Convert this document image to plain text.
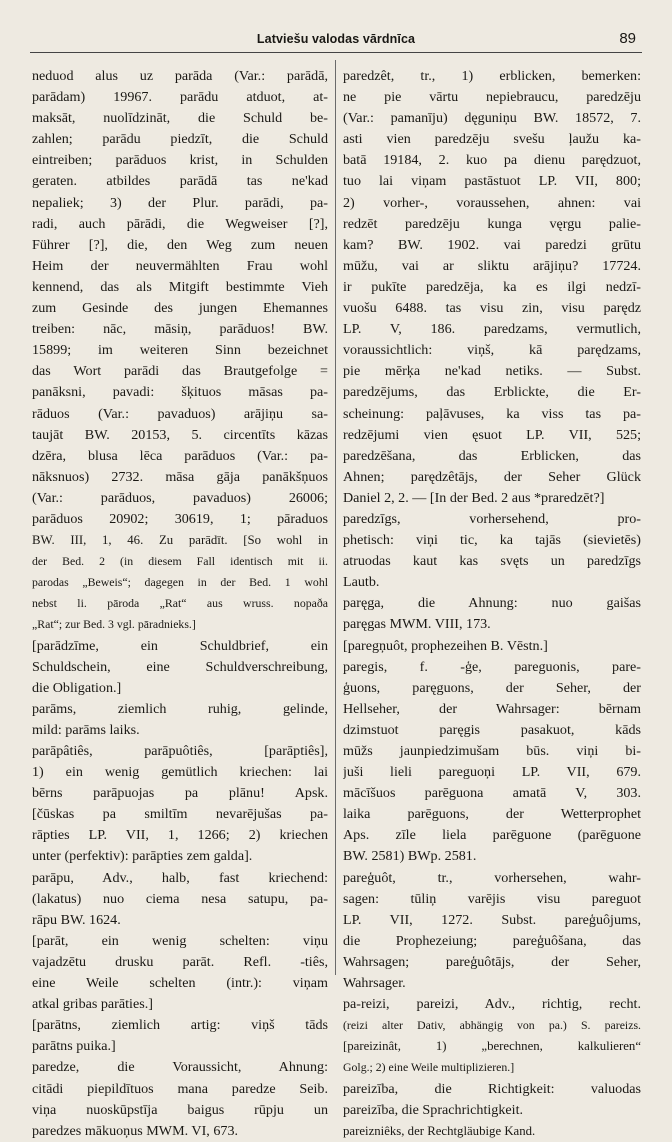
Latviešu valodas vārdnīca	89
neduod alus uz parāda (Var.: parādā,
parādam) 19967. parādu atduot, at-
maksāt, nuolīdzināt, die Schuld be-
zahlen; parādu piedzīt, die Schuld
eintreiben; parāduos krist, in Schulden
geraten. atbildes parādā tas ne'kad
nepaliek; 3) der Plur. parādi, pa-
radi, auch pārādi, die Wegweiser [?],
Führer [?], die, den Weg zum neuen
Heim der neuvermählten Frau wohl
kennend, das als Mitgift bestimmte Vieh
zum Gesinde des jungen Ehemannes
treiben: nāc, māsiņ, parāduos! BW.
15899; im weiteren Sinn bezeichnet
das Wort parādi das Brautgefolge =
panāksni, pavadi: šķituos māsas pa-
rāduos (Var.: pavaduos) arājiņu sa-
taujāt BW. 20153, 5. circentīts kāzas
dzēra, blusa lēca parāduos (Var.: pa-
nāksnuos) 2732. māsa gāja panākšņuos
(Var.: parāduos, pavaduos) 26006;
parāduos 20902; 30619, 1; pāraduos
BW. III, 1, 46. Zu parādīt. [So wohl in
der Bed. 2 (in diesem Fall identisch mit ii.
parodas „Beweis“; dagegen in der Bed. 1 wohl
nebst li. pāroda „Rat“ aus wruss. nopaða
„Rat“; zur Bed. 3 vgl. pāradnieks.]
[parādzīme, ein Schuldbrief, ein
Schuldschein, eine Schuldverschreibung,
die Obligation.]
parāms, ziemlich ruhig, gelinde,
mild: parāms laiks.
parāpâtiês, parāpuôtiês, [parāptiês],
1) ein wenig gemütlich kriechen: lai
bērns parāpuojas pa plānu! Apsk.
[čūskas pa smiltīm nevarējušas pa-
rāpties LP. VII, 1, 1266; 2) kriechen
unter (perfektiv): parāpties zem galda].
parāpu, Adv., halb, fast kriechend:
(lakatus) nuo ciema nesa satupu, pa-
rāpu BW. 1624.
[parāt, ein wenig schelten: viņu
vajadzētu drusku parāt. Refl. -tiês,
eine Weile schelten (intr.): viņam
atkal gribas parāties.]
[parātns, ziemlich artig: viņš tāds
parātns puika.]
paredze, die Voraussicht, Ahnung:
citādi piepildītuos mana paredze Seib.
viņa nuoskūpstīja baigus rūpju un
paredzes mākuoņus MWM. VI, 673.
paredzêt, tr., 1) erblicken, bemerken:
ne pie vārtu nepiebraucu, paredzēju
(Var.: pamanīju) dęguniņu BW. 18572, 7.
asti vien paredzēju svešu ļaužu ka-
batā 19184, 2. kuo pa dienu parędzuot,
tuo lai viņam pastāstuot LP. VII, 800;
2) vorher-, voraussehen, ahnen: vai
redzēt paredzēju kunga vęrgu palie-
kam? BW. 1902. vai paredzi grūtu
mūžu, vai ar sliktu arājiņu? 17724.
ir pukīte paredzēja, ka es ilgi nedzī-
vuošu 6488. tas visu zin, visu parędz
LP. V, 186. paredzams, vermutlich,
voraussichtlich: viņš, kā parędzams,
pie mērķa ne'kad netiks. — Subst.
paredzējums, das Erblickte, die Er-
scheinung: paļāvuses, ka viss tas pa-
redzējumi vien ęsuot LP. VII, 525;
paredzēšana, das Erblicken, das
Ahnen; parędzêtājs, der Seher Glück
Daniel 2, 2. — [In der Bed. 2 aus *praredzēt?]
paredzīgs, vorhersehend, pro-
phetisch: viņi tic, ka tajās (sievietēs)
atruodas kaut kas svęts un paredzīgs
Lautb.
paręga, die Ahnung: nuo gaišas
paręgas MWM. VIII, 173.
[paregņuôt, prophezeihen B. Vēstn.]
paregis, f. -ģe, pareguonis, pare-
ģuons, paręguons, der Seher, der
Hellseher, der Wahrsager: bērnam
dzimstuot paręgis pasakuot, kāds
mūžs jaunpiedzimušam būs. viņi bi-
juši lieli pareguoņi LP. VII, 679.
mācīšuos parēguona amatā V, 303.
laika parēguons, der Wetterprophet
Aps. zīle liela parēguone (parēguone
BW. 2581) BWp. 2581.
pareģuôt, tr., vorhersehen, wahr-
sagen: tūliņ varējis visu pareguot
LP. VII, 1272. Subst. pareģuôjums,
die Prophezeiung; pareģuôšana, das
Wahrsagen; pareģuôtājs, der Seher,
Wahrsager.
pa-reizi, pareizi, Adv., richtig, recht.
(reizi alter Dativ, abhängig von pa.) S. pareizs.
[pareizinât, 1) „berechnen, kalkulieren“
Golg.; 2) eine Weile multiplizieren.]
pareizība, die Richtigkeit: valuodas
pareizība, die Sprachrichtigkeit.
pareizniêks, der Rechtgläubige Kand.
